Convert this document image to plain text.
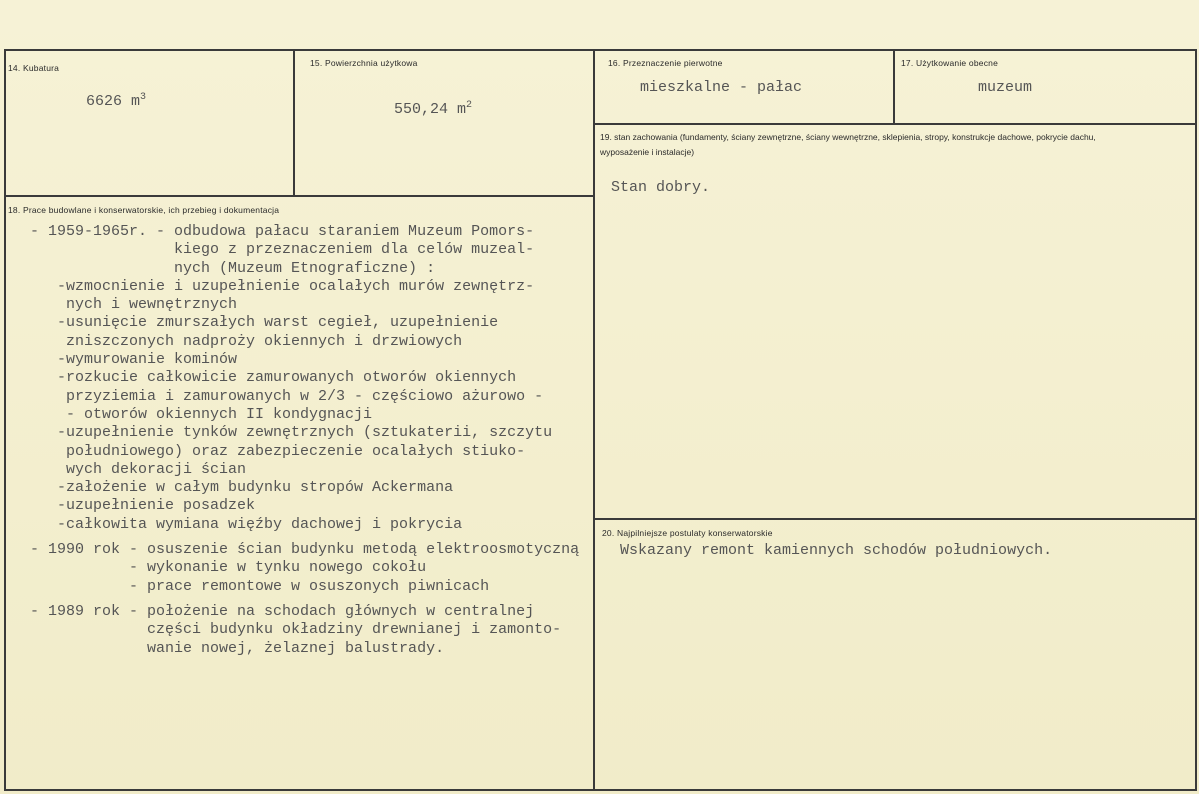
14. Kubatura
6626 $m^3$
15. Powierzchnia użytkowa
550,24 $m^2$
16. Przeznaczenie pierwotne
mieszkalne - pałac
17. Użytkowanie obecne
muzeum
19. stan zachowania (fundamenty, ściany zewnętrzne, ściany wewnętrzne, sklepienia, stropy, konstrukcje dachowe, pokrycie dachu, wyposażenie i instalacje)
Stan dobry.
18. Prace budowlane i konserwatorskie, ich przebieg i dokumentacja
- 1959-1965r. - odbudowa pałacu staraniem Muzeum Pomors-
kiego z przeznaczeniem dla celów muzeal-
nych (Muzeum Etnograficzne) :
-wzmocnienie i uzupełnienie ocalałych murów zewnętrz-
nych i wewnętrznych
-usunięcie zmurszałych warst cegieł, uzupełnienie
zniszczonych nadproży okiennych i drzwiowych
-wymurowanie kominów
-rozkucie całkowicie zamurowanych otworów okiennych
przyziemia i zamurowanych w 2/3 - częściowo ażurowo -
- otworów okiennych II kondygnacji
-uzupełnienie tynków zewnętrznych (sztukaterii, szczytu
południowego) oraz zabezpieczenie ocalałych stiuko-
wych dekoracji ścian
-założenie w całym budynku stropów Ackermana
-uzupełnienie posadzek
-całkowita wymiana więźby dachowej i pokrycia

- 1990 rok - osuszenie ścian budynku metodą elektroosmotyczną
- wykonanie w tynku nowego cokołu
- prace remontowe w osuszonych piwnicach

- 1989 rok - położenie na schodach głównych w centralnej
części budynku okładziny drewnianej i zamonto-
wanie nowej, żelaznej balustrady.
20. Najpilniejsze postulaty konserwatorskie
Wskazany remont kamiennych schodów południowych.
